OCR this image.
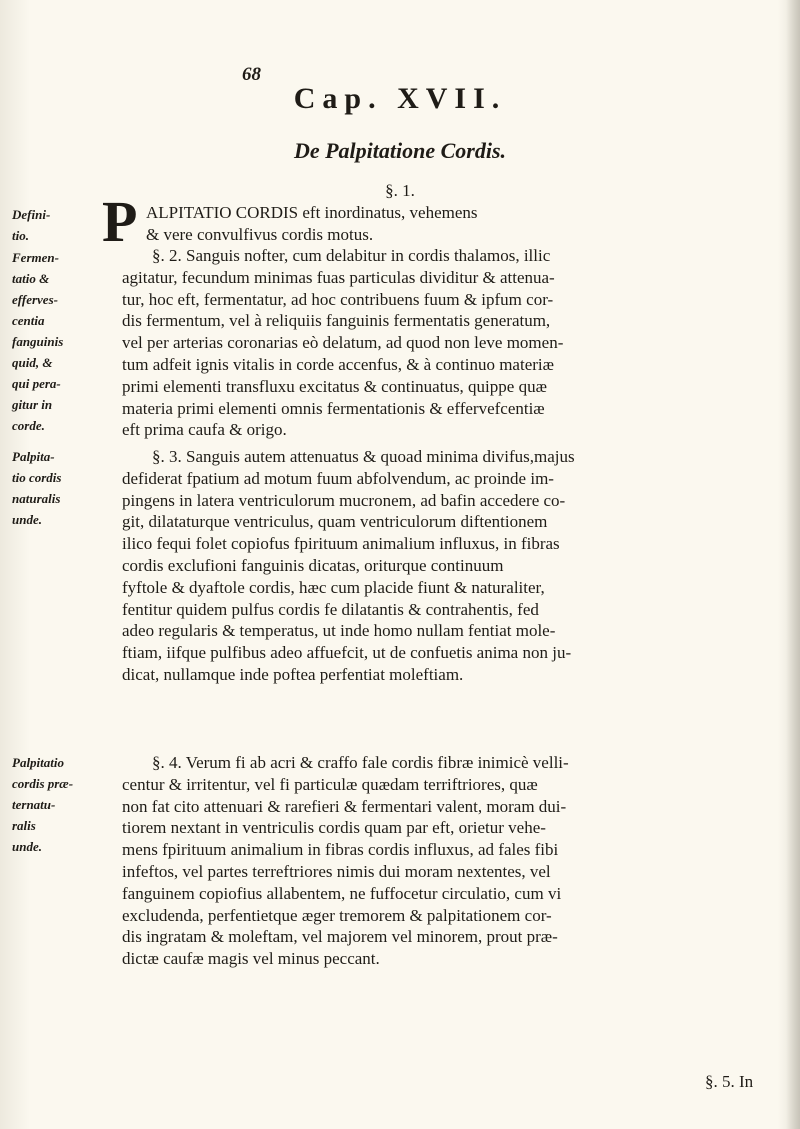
68
Cap. XVII.
De Palpitatione Cordis.
§. 1.
Defini-
tio.
Fermen-
tatio &
efferves-
centia
fanguinis
quid, &
qui pera-
gitur in
corde.
Palpita-
tio cordis
naturalis
unde.
Palpitatio
cordis præ-
ternatu-
ralis
unde.
P ALPITATIO CORDIS eft inordinatus, vehemens
& vere convulfivus cordis motus.
§. 2. Sanguis nofter, cum delabitur in cordis thalamos, illic
agitatur, fecundum minimas fuas particulas dividitur & attenua-
tur, hoc eft, fermentatur, ad hoc contribuens fuum & ipfum cor-
dis fermentum, vel à reliquiis fanguinis fermentatis generatum,
vel per arterias coronarias eò delatum, ad quod non leve momen-
tum adfeit ignis vitalis in corde accenfus, & à continuo materiæ
primi elementi transfluxu excitatus & continuatus, quippe quæ
materia primi elementi omnis fermentationis & effervefcentiæ
eft prima caufa & origo.
§. 3. Sanguis autem attenuatus & quoad minima divifus,majus
defiderat fpatium ad motum fuum abfolvendum, ac proinde im-
pingens in latera ventriculorum mucronem, ad bafin accedere co-
git, dilataturque ventriculus, quam ventriculorum diftentionem
ilico fequi folet copiofus fpirituum animalium influxus, in fibras
cordis exclufioni fanguinis dicatas, oriturque continuum
fyftole & dyaftole cordis, hæc cum placide fiunt & naturaliter,
fentitur quidem pulfus cordis fe dilatantis & contrahentis, fed
adeo regularis & temperatus, ut inde homo nullam fentiat mole-
ftiam, iifque pulfibus adeo affuefcit, ut de confuetis anima non ju-
dicat, nullamque inde poftea perfentiat moleftiam.
§. 4. Verum fi ab acri & craffo fale cordis fibræ inimicè velli-
centur & irritentur, vel fi particulæ quædam terriftriores, quæ
non fat cito attenuari & rarefieri & fermentari valent, moram dui-
tiorem nextant in ventriculis cordis quam par eft, orietur vehe-
mens fpirituum animalium in fibras cordis influxus, ad fales fibi
infeftos, vel partes terreftriores nimis dui moram nextentes, vel
fanguinem copiofius allabentem, ne fuffocetur circulatio, cum vi
excludenda, perfentietque æger tremorem & palpitationem cor-
dis ingratam & moleftam, vel majorem vel minorem, prout præ-
dictæ caufæ magis vel minus peccant.
§. 5. In
